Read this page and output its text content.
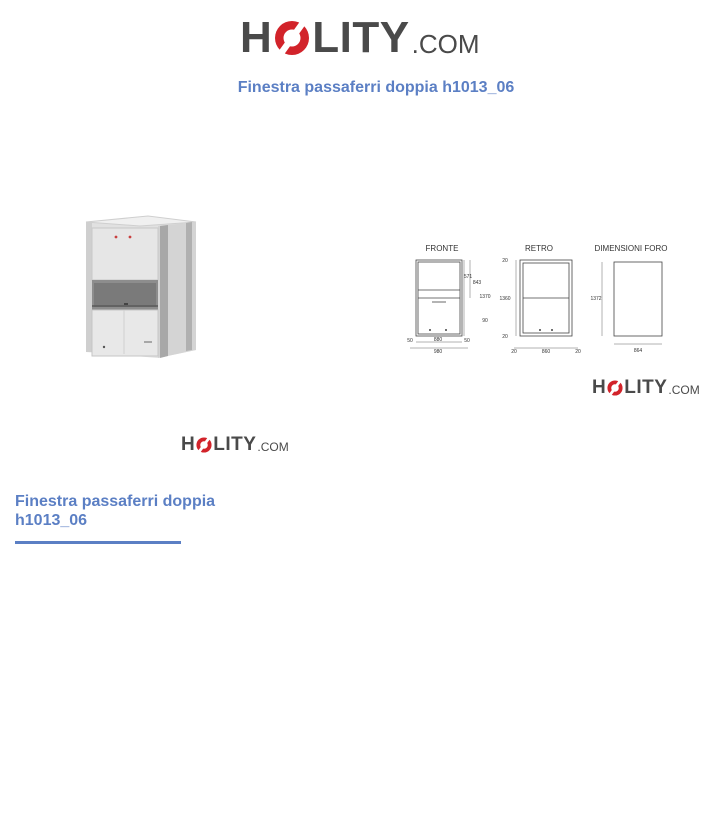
H LITY .COM
Finestra passaferri doppia h1013_06
H LITY .COM
FRONTE	RETRO	DIMENSIONI FORO
880
980
50	50
571
843
1370
90
860
20	20
1360
20
20
864
1372
H LITY .COM
Finestra passaferri doppia h1013_06
